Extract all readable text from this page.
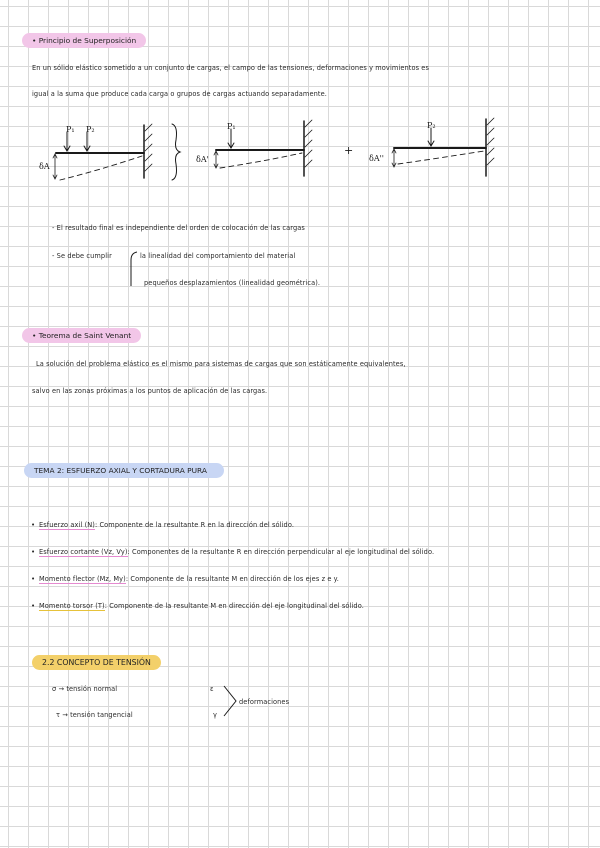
• Principio de Superposición
En un sólido elástico sometido a un conjunto de cargas, el campo de las tensiones, deformaciones y movimientos es
igual a la suma que produce cada carga o grupos de cargas actuando separadamente.
P₁ P₂
δA
P₁
δA'
+
P₂
δA''
- El resultado final es independiente del orden de colocación de las cargas
- Se debe cumplir	la linealidad del comportamiento del material
pequeños desplazamientos (linealidad geométrica).
• Teorema de Saint Venant
La solución del problema elástico es el mismo para sistemas de cargas que son estáticamente equivalentes,
salvo en las zonas próximas a los puntos de aplicación de las cargas.
TEMA 2: ESFUERZO AXIAL Y CORTADURA PURA
• Esfuerzo axil (N): Componente de la resultante R en la dirección del sólido.
• Esfuerzo cortante (Vz, Vy): Componentes de la resultante R en dirección perpendicular al eje longitudinal del sólido.
• Momento flector (Mz, My): Componente de la resultante M en dirección de los ejes z e y.
• Momento torsor (T): Componente de la resultante M en dirección del eje longitudinal del sólido.
2.2 CONCEPTO DE TENSIÓN
σ → tensión normal	ε
τ → tensión tangencial	γ
deformaciones
